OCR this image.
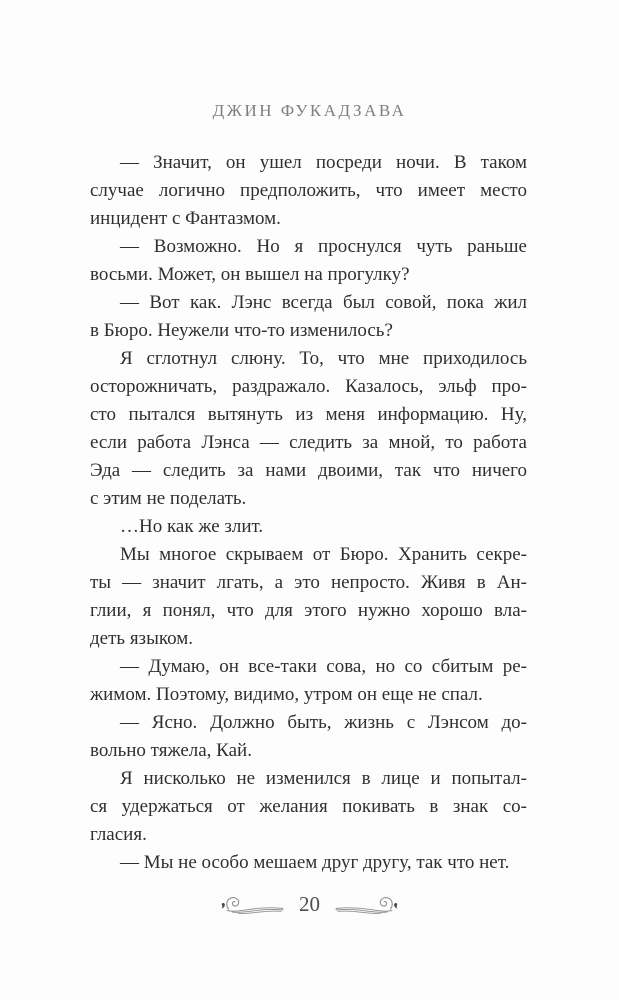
ДЖИН ФУКАДЗАВА
— Значит, он ушел посреди ночи. В таком
случае логично предположить, что имеет место
инцидент с Фантазмом.
— Возможно. Но я проснулся чуть раньше
восьми. Может, он вышел на прогулку?
— Вот как. Лэнс всегда был совой, пока жил
в Бюро. Неужели что-то изменилось?
Я сглотнул слюну. То, что мне приходилось
осторожничать, раздражало. Казалось, эльф про-
сто пытался вытянуть из меня информацию. Ну,
если работа Лэнса — следить за мной, то работа
Эда — следить за нами двоими, так что ничего
с этим не поделать.
…Но как же злит.
Мы многое скрываем от Бюро. Хранить секре-
ты — значит лгать, а это непросто. Живя в Ан-
глии, я понял, что для этого нужно хорошо вла-
деть языком.
— Думаю, он все-таки сова, но со сбитым ре-
жимом. Поэтому, видимо, утром он еще не спал.
— Ясно. Должно быть, жизнь с Лэнсом до-
вольно тяжела, Кай.
Я нисколько не изменился в лице и попытал-
ся удержаться от желания покивать в знак со-
гласия.
— Мы не особо мешаем друг другу, так что нет.
20
